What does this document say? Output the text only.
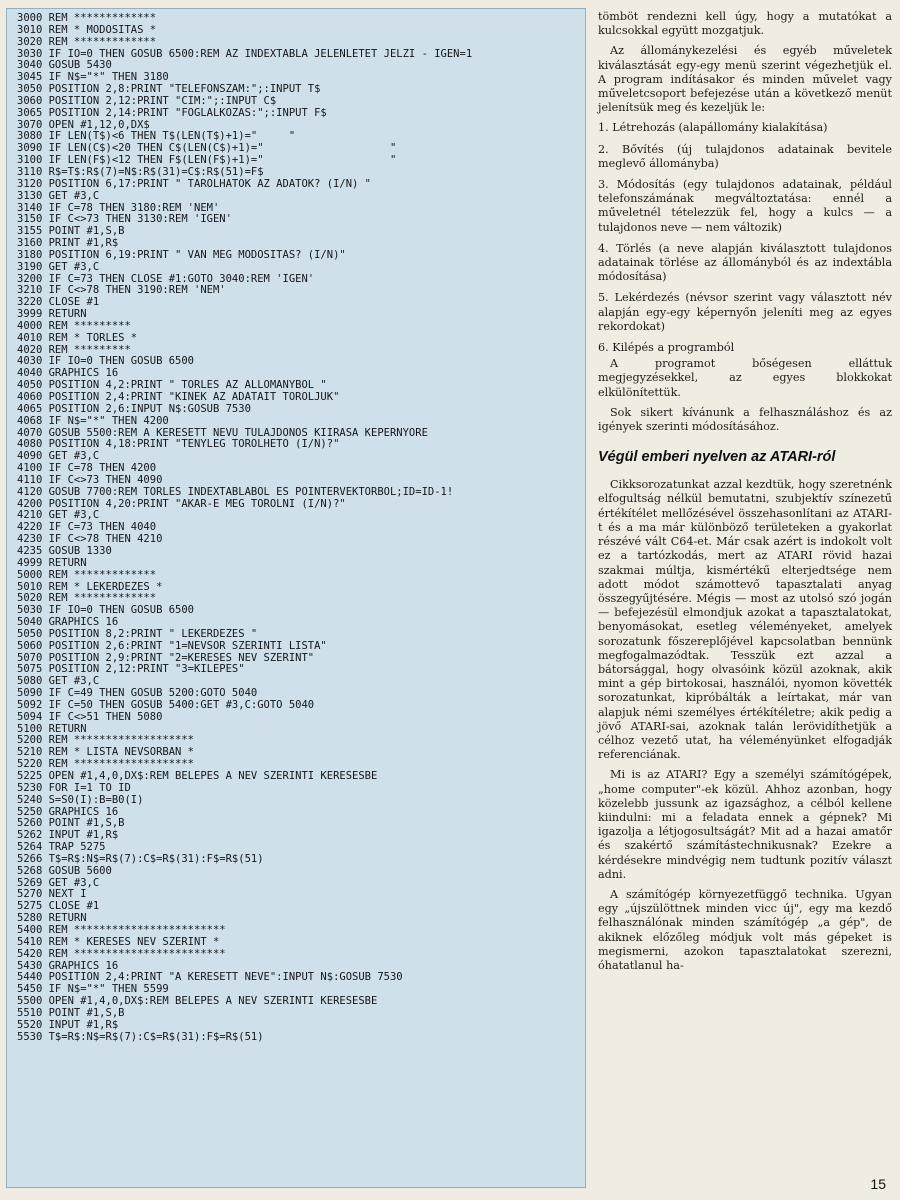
3000 REM *************
3010 REM * MODOSITAS *
3020 REM *************
3030 IF IO=0 THEN GOSUB 6500:REM AZ INDEXTABLA JELENLETET JELZI - IGEN=1
3040 GOSUB 5430
3045 IF N$="*" THEN 3180
3050 POSITION 2,8:PRINT "TELEFONSZAM:";:INPUT T$
3060 POSITION 2,12:PRINT "CIM:";:INPUT C$
3065 POSITION 2,14:PRINT "FOGLALKOZAS:";:INPUT F$
3070 OPEN #1,12,0,DX$
3080 IF LEN(T$)<6 THEN T$(LEN(T$)+1)="     "
3090 IF LEN(C$)<20 THEN C$(LEN(C$)+1)="                    "
3100 IF LEN(F$)<12 THEN F$(LEN(F$)+1)="                    "
3110 R$=T$:R$(7)=N$:R$(31)=C$:R$(51)=F$
3120 POSITION 6,17:PRINT " TAROLHATOK AZ ADATOK? (I/N) "
3130 GET #3,C
3140 IF C=78 THEN 3180:REM 'NEM'
3150 IF C<>73 THEN 3130:REM 'IGEN'
3155 POINT #1,S,B
3160 PRINT #1,R$
3180 POSITION 6,19:PRINT " VAN MEG MODOSITAS? (I/N)"
3190 GET #3,C
3200 IF C=73 THEN CLOSE #1:GOTO 3040:REM 'IGEN'
3210 IF C<>78 THEN 3190:REM 'NEM'
3220 CLOSE #1
3999 RETURN
4000 REM *********
4010 REM * TORLES *
4020 REM *********
4030 IF IO=0 THEN GOSUB 6500
4040 GRAPHICS 16
4050 POSITION 4,2:PRINT " TORLES AZ ALLOMANYBOL "
4060 POSITION 2,4:PRINT "KINEK AZ ADATAIT TOROLJUK"
4065 POSITION 2,6:INPUT N$:GOSUB 7530
4068 IF N$="*" THEN 4200
4070 GOSUB 5500:REM A KERESETT NEVU TULAJDONOS KIIRASA KEPERNYORE
4080 POSITION 4,18:PRINT "TENYLEG TOROLHETO (I/N)?"
4090 GET #3,C
4100 IF C=78 THEN 4200
4110 IF C<>73 THEN 4090
4120 GOSUB 7700:REM TORLES INDEXTABLABOL ES POINTERVEKTORBOL;ID=ID-1!
4200 POSITION 4,20:PRINT "AKAR-E MEG TOROLNI (I/N)?"
4210 GET #3,C
4220 IF C=73 THEN 4040
4230 IF C<>78 THEN 4210
4235 GOSUB 1330
4999 RETURN
5000 REM *************
5010 REM * LEKERDEZES *
5020 REM *************
5030 IF IO=0 THEN GOSUB 6500
5040 GRAPHICS 16
5050 POSITION 8,2:PRINT " LEKERDEZES "
5060 POSITION 2,6:PRINT "1=NEVSOR SZERINTI LISTA"
5070 POSITION 2,9:PRINT "2=KERESES NEV SZERINT"
5075 POSITION 2,12:PRINT "3=KILEPES"
5080 GET #3,C
5090 IF C=49 THEN GOSUB 5200:GOTO 5040
5092 IF C=50 THEN GOSUB 5400:GET #3,C:GOTO 5040
5094 IF C<>51 THEN 5080
5100 RETURN
5200 REM *******************
5210 REM * LISTA NEVSORBAN *
5220 REM *******************
5225 OPEN #1,4,0,DX$:REM BELEPES A NEV SZERINTI KERESESBE
5230 FOR I=1 TO ID
5240 S=S0(I):B=B0(I)
5250 GRAPHICS 16
5260 POINT #1,S,B
5262 INPUT #1,R$
5264 TRAP 5275
5266 T$=R$:N$=R$(7):C$=R$(31):F$=R$(51)
5268 GOSUB 5600
5269 GET #3,C
5270 NEXT I
5275 CLOSE #1
5280 RETURN
5400 REM ************************
5410 REM * KERESES NEV SZERINT *
5420 REM ************************
5430 GRAPHICS 16
5440 POSITION 2,4:PRINT "A KERESETT NEVE":INPUT N$:GOSUB 7530
5450 IF N$="*" THEN 5599
5500 OPEN #1,4,0,DX$:REM BELEPES A NEV SZERINTI KERESESBE
5510 POINT #1,S,B
5520 INPUT #1,R$
5530 T$=R$:N$=R$(7):C$=R$(31):F$=R$(51)

tömböt rendezni kell úgy, hogy a mutatókat a kulcsokkal együtt mozgatjuk.

Az állománykezelési és egyéb műveletek kiválasztását egy-egy menü szerint végezhetjük el. A program indításakor és minden művelet vagy műveletcsoport befejezése után a következő menüt jelenítsük meg és kezeljük le:

1. Létrehozás (alapállomány kialakítása)

2. Bővítés (új tulajdonos adatainak bevitele meglevő állományba)

3. Módosítás (egy tulajdonos adatainak, például telefonszámának megváltoztatása: ennél a műveletnél tételezzük fel, hogy a kulcs — a tulajdonos neve — nem változik)

4. Törlés (a neve alapján kiválasztott tulajdonos adatainak törlése az állományból és az indextábla módosítása)

5. Lekérdezés (névsor szerint vagy választott név alapján egy-egy képernyőn jeleníti meg az egyes rekordokat)

6. Kilépés a programból

A programot bőségesen elláttuk megjegyzésekkel, az egyes blokkokat elkülönítettük.

Sok sikert kívánunk a felhasználáshoz és az igények szerinti módosításához.

Végül emberi nyelven az ATARI-ról

Cikksorozatunkat azzal kezdtük, hogy szeretnénk elfogultság nélkül bemutatni, szubjektív színezetű értékítélet mellőzésével összehasonlítani az ATARI-t és a ma már különböző területeken a gyakorlat részévé vált C64-et. Már csak azért is indokolt volt ez a tartózkodás, mert az ATARI rövid hazai szakmai múltja, kismértékű elterjedtsége nem adott módot számottevő tapasztalati anyag összegyűjtésére. Mégis — most az utolsó szó jogán — befejezésül elmondjuk azokat a tapasztalatokat, benyomásokat, esetleg véleményeket, amelyek sorozatunk főszereplőjével kapcsolatban bennünk megfogalmazódtak. Tesszük ezt azzal a bátorsággal, hogy olvasóink közül azoknak, akik mint a gép birtokosai, használói, nyomon követték sorozatunkat, kipróbálták a leírtakat, már van alapjuk némi személyes értékítéletre; akik pedig a jövő ATARI-sai, azoknak talán lerövidíthetjük a célhoz vezető utat, ha véleményünket elfogadják referenciának.

Mi is az ATARI? Egy a személyi számítógépek, „home computer"-ek közül. Ahhoz azonban, hogy közelebb jussunk az igazsághoz, a célból kellene kiindulni: mi a feladata ennek a gépnek? Mi igazolja a létjogosultságát? Mit ad a hazai amatőr és szakértő számítástechnikusnak? Ezekre a kérdésekre mindvégig nem tudtunk pozitív választ adni.

A számítógép környezetfüggő technika. Ugyan egy „újszülöttnek minden vicc új", egy ma kezdő felhasználónak minden számítógép „a gép", de akiknek előzőleg módjuk volt más gépeket is megismerni, azokon tapasztalatokat szerezni, óhatatlanul ha-

15
